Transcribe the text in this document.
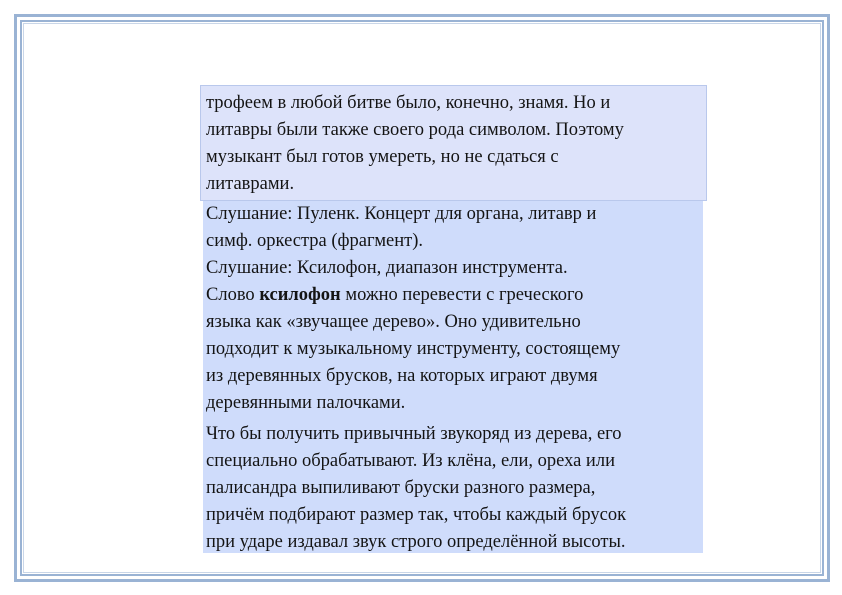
трофеем в любой битве было, конечно, знамя. Но и
литавры были также своего рода символом. Поэтому
музыкант был готов умереть, но не сдаться с
литаврами.
Слушание: Пуленк. Концерт для органа, литавр и
симф. оркестра (фрагмент).
Слушание: Ксилофон, диапазон инструмента.
Слово ксилофон можно перевести с греческого
языка как «звучащее дерево». Оно удивительно
подходит к музыкальному инструменту, состоящему
из деревянных брусков, на которых играют двумя
деревянными палочками.
Что бы получить привычный звукоряд из дерева, его
специально обрабатывают. Из клёна, ели, ореха или
палисандра выпиливают бруски разного размера,
причём подбирают размер так, чтобы каждый брусок
при ударе издавал звук строго определённой высоты.
